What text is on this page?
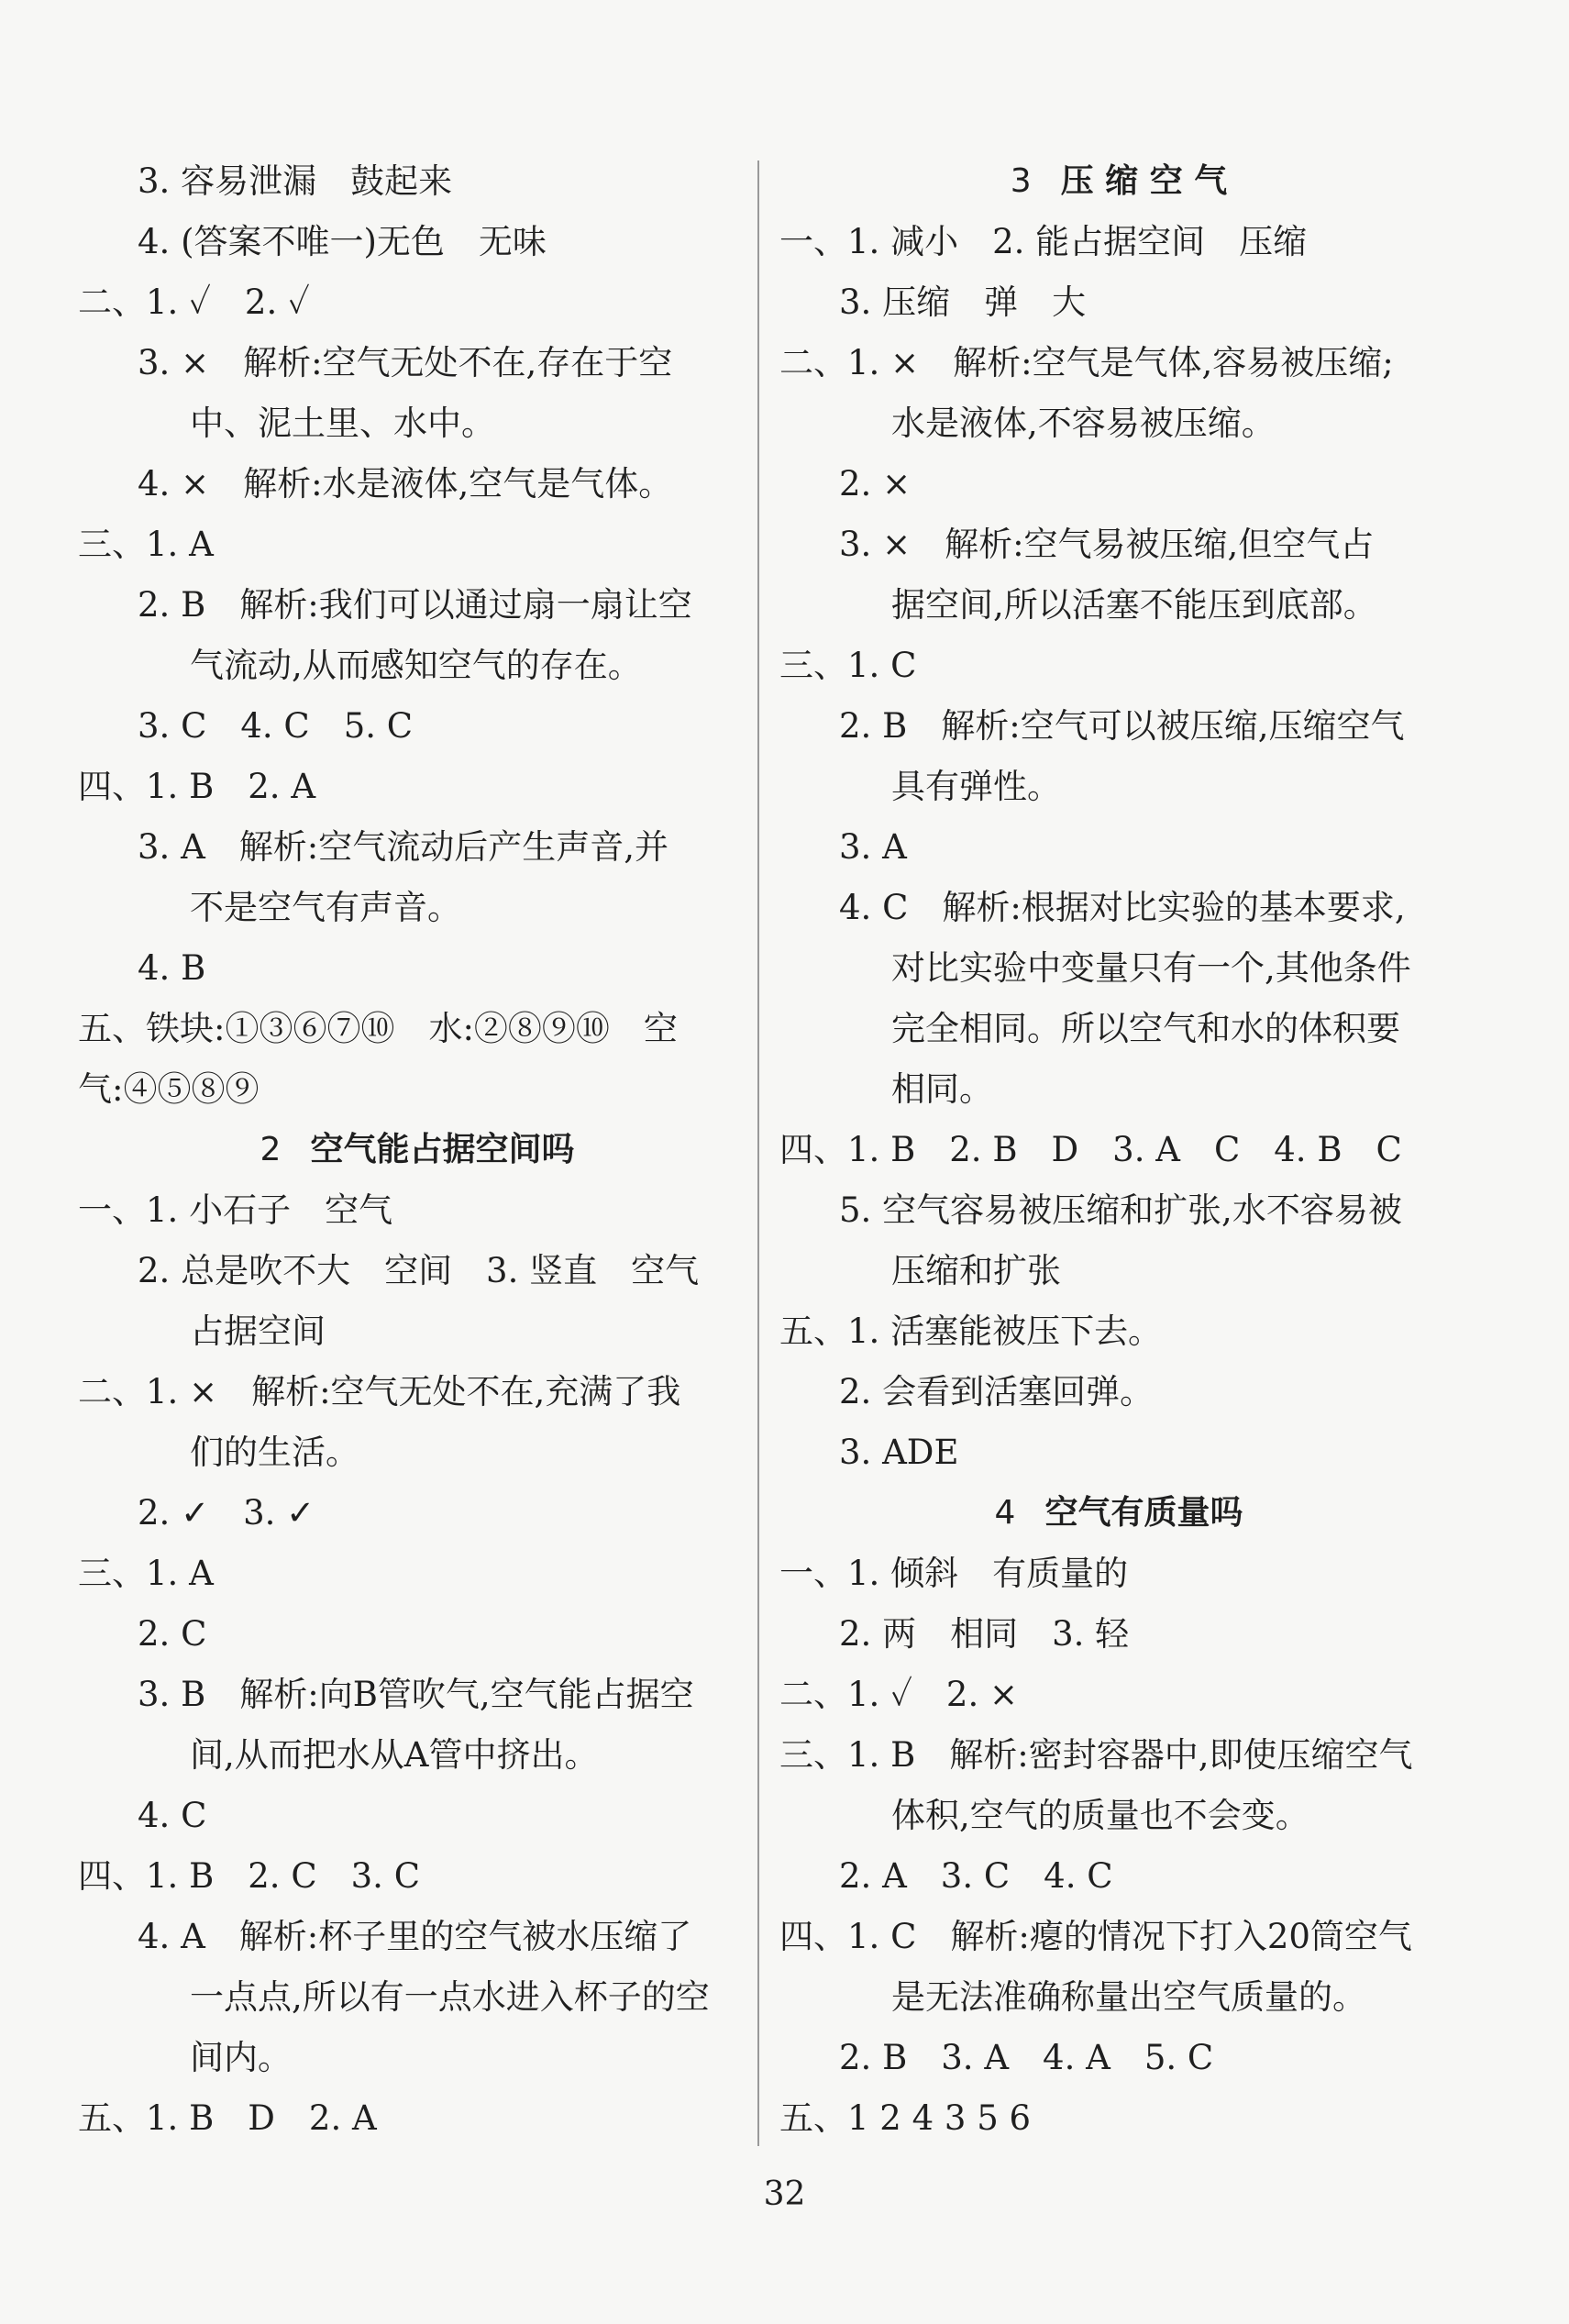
3. 容易泄漏　鼓起来
4. (答案不唯一)无色　无味
二、1. ✓　2. ✓
3. ×　解析:空气无处不在,存在于空
中、泥土里、水中。
4. ×　解析:水是液体,空气是气体。
三、1. A
2. B　解析:我们可以通过扇一扇让空
气流动,从而感知空气的存在。
3. C　4. C　5. C
四、1. B　2. A
3. A　解析:空气流动后产生声音,并
不是空气有声音。
4. B
五、铁块:①③⑥⑦⑩　水:②⑧⑨⑩　空
气:④⑤⑧⑨
2 空气能占据空间吗
一、1. 小石子　空气
2. 总是吹不大　空间　3. 竖直　空气
占据空间
二、1. ×　解析:空气无处不在,充满了我
们的生活。
2. ✓　3. ✓
三、1. A
2. C
3. B　解析:向B管吹气,空气能占据空
间,从而把水从A管中挤出。
4. C
四、1. B　2. C　3. C
4. A　解析:杯子里的空气被水压缩了
一点点,所以有一点水进入杯子的空
间内。
五、1. B　D　2. A
3 压 缩 空 气
一、1. 减小　2. 能占据空间　压缩
3. 压缩　弹　大
二、1. ×　解析:空气是气体,容易被压缩;
水是液体,不容易被压缩。
2. ×
3. ×　解析:空气易被压缩,但空气占
据空间,所以活塞不能压到底部。
三、1. C
2. B　解析:空气可以被压缩,压缩空气
具有弹性。
3. A
4. C　解析:根据对比实验的基本要求,
对比实验中变量只有一个,其他条件
完全相同。所以空气和水的体积要
相同。
四、1. B　2. B　D　3. A　C　4. B　C
5. 空气容易被压缩和扩张,水不容易被
压缩和扩张
五、1. 活塞能被压下去。
2. 会看到活塞回弹。
3. ADE
4 空气有质量吗
一、1. 倾斜　有质量的
2. 两　相同　3. 轻
二、1. ✓　2. ×
三、1. B　解析:密封容器中,即使压缩空气
体积,空气的质量也不会变。
2. A　3. C　4. C
四、1. C　解析:瘪的情况下打入20筒空气
是无法准确称量出空气质量的。
2. B　3. A　4. A　5. C
五、1 2 4 3 5 6
32
